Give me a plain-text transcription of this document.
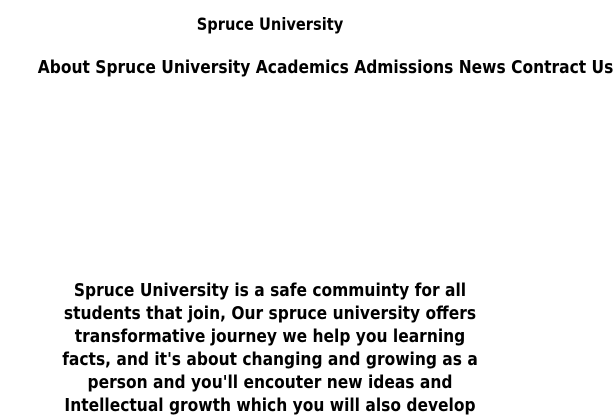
Spruce University
About Spruce University Academics Admissions News Contract Us
Spruce University is a safe commuinty for all students that join, Our spruce university offers transformative journey we help you learning facts, and it's about changing and growing as a person and you'll encouter new ideas and Intellectual growth which you will also develop
